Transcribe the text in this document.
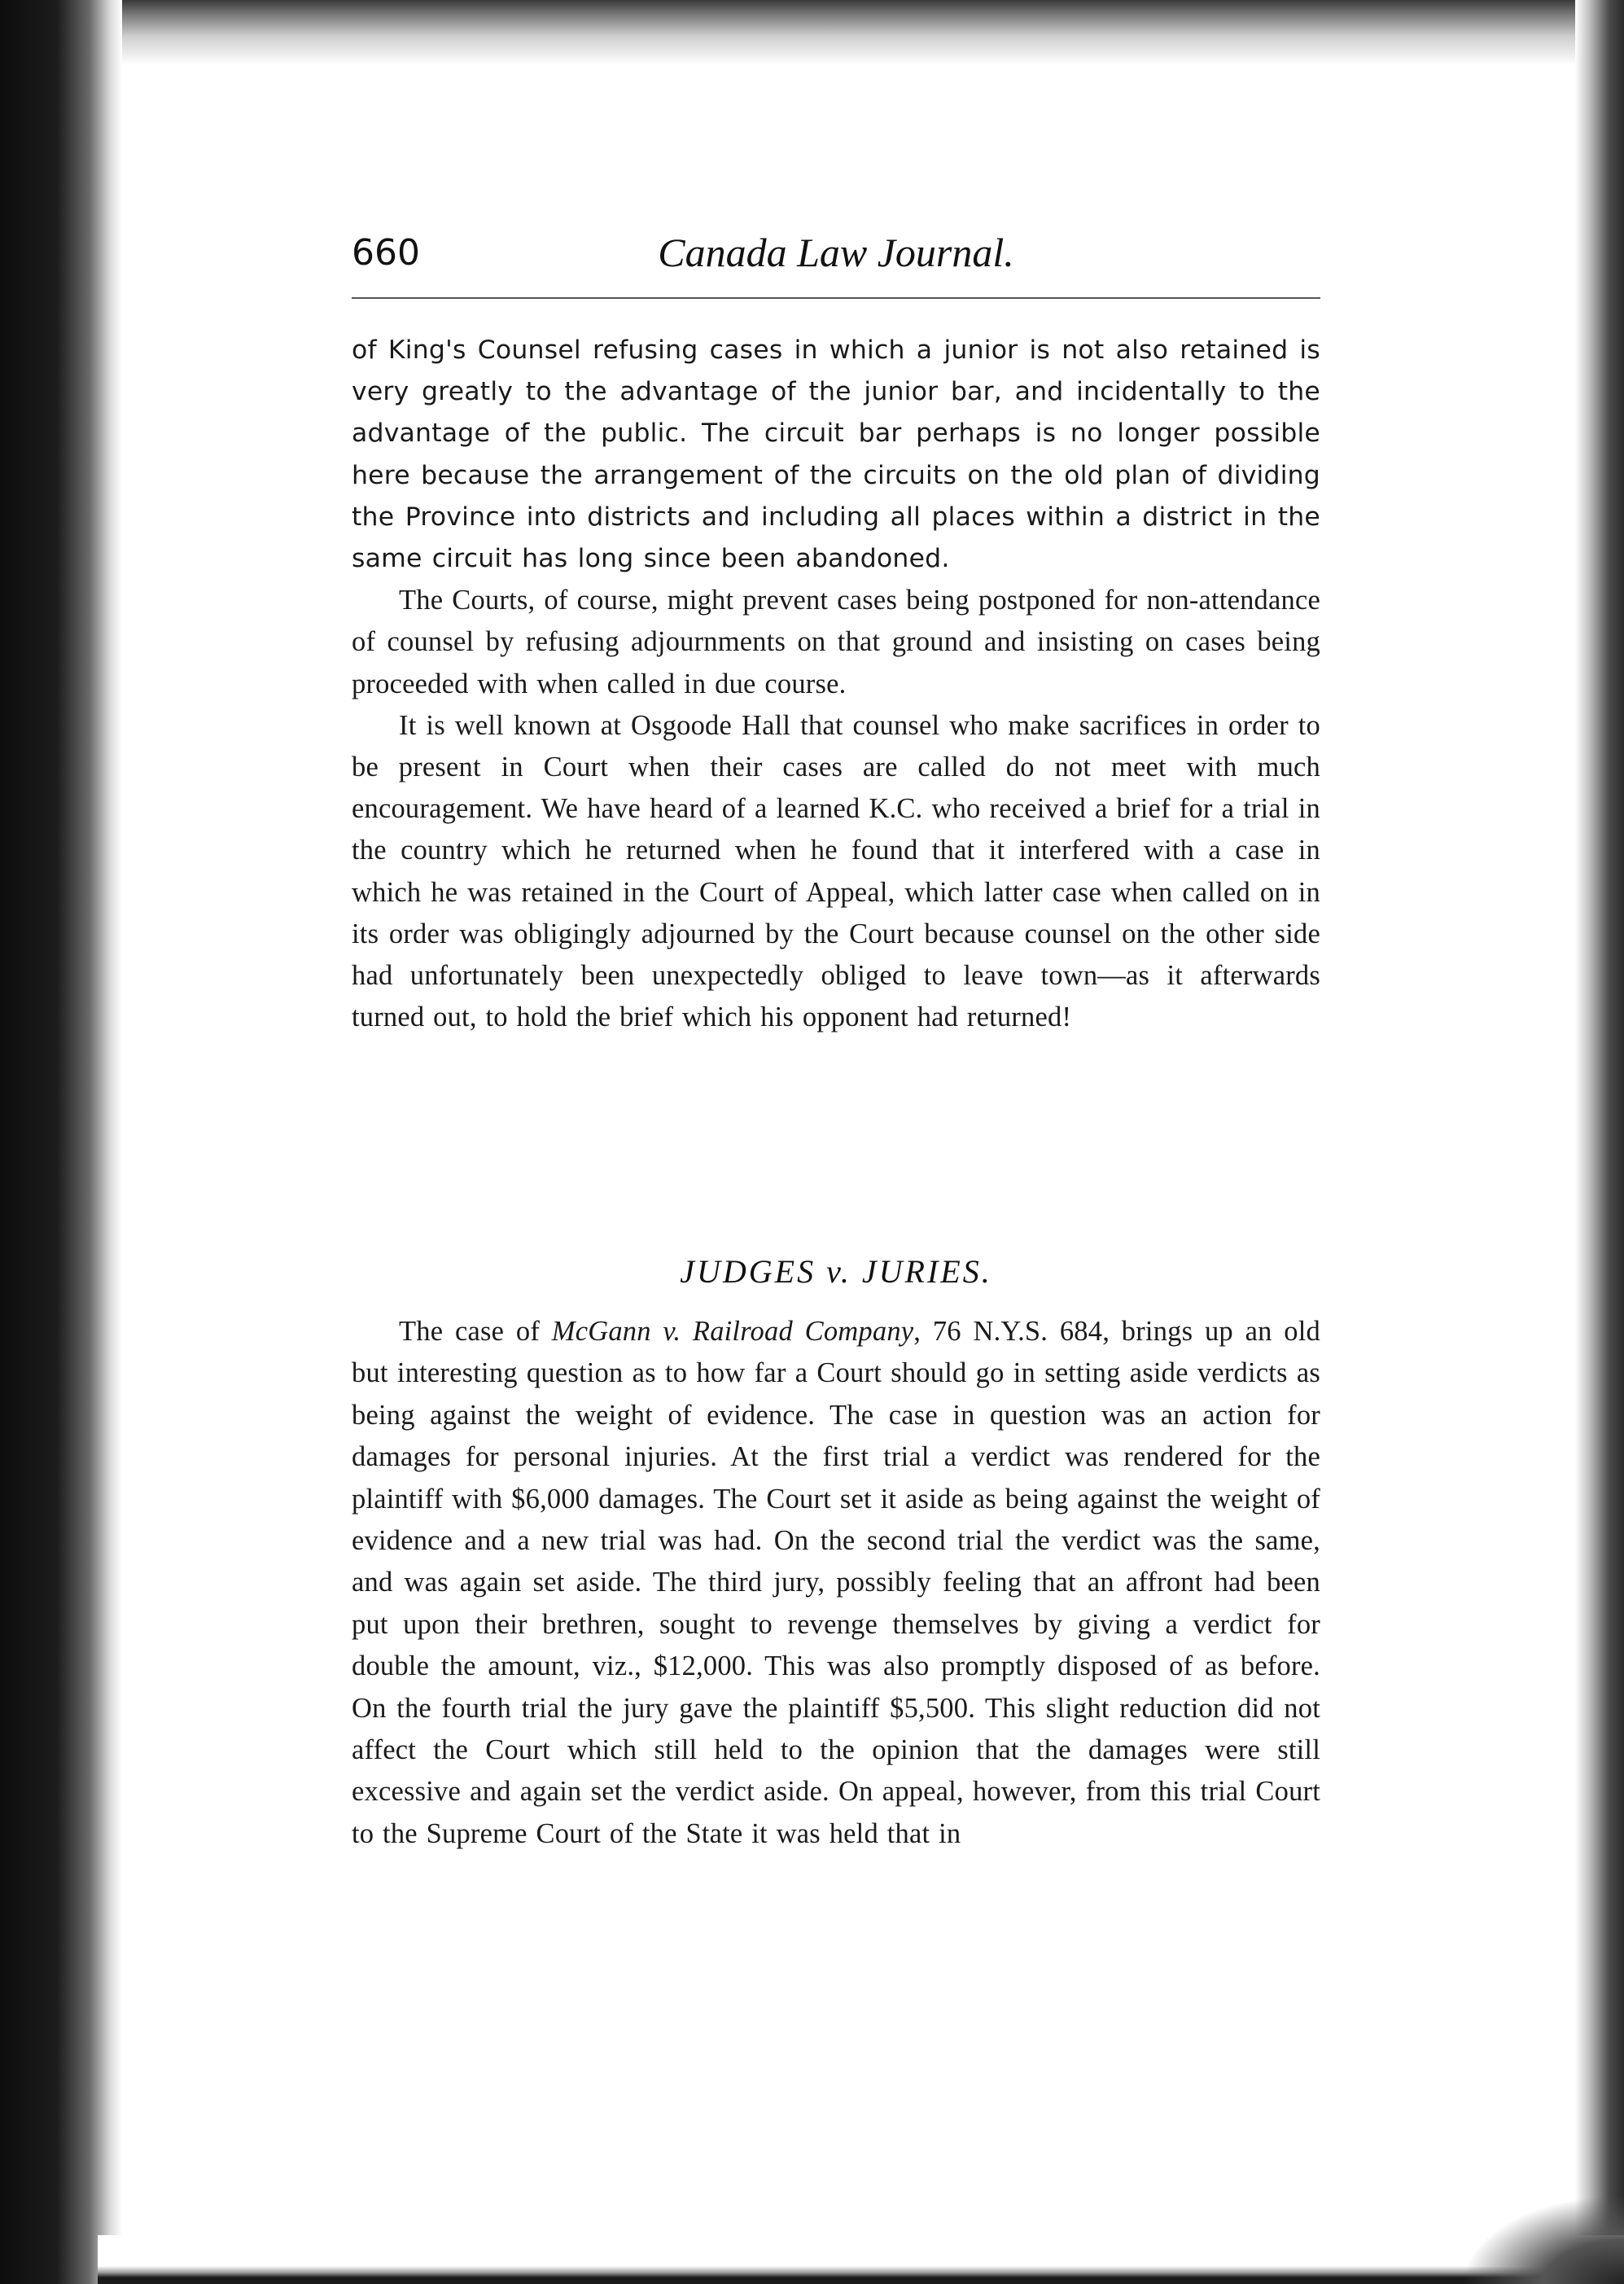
660	Canada Law Journal.

of King's Counsel refusing cases in which a junior is not also retained is very greatly to the advantage of the junior bar, and incidentally to the advantage of the public. The circuit bar perhaps is no longer possible here because the arrangement of the circuits on the old plan of dividing the Province into districts and including all places within a district in the same circuit has long since been abandoned.

The Courts, of course, might prevent cases being postponed for non-attendance of counsel by refusing adjournments on that ground and insisting on cases being proceeded with when called in due course.

It is well known at Osgoode Hall that counsel who make sacrifices in order to be present in Court when their cases are called do not meet with much encouragement. We have heard of a learned K.C. who received a brief for a trial in the country which he returned when he found that it interfered with a case in which he was retained in the Court of Appeal, which latter case when called on in its order was obligingly adjourned by the Court because counsel on the other side had unfortunately been unexpectedly obliged to leave town—as it afterwards turned out, to hold the brief which his opponent had returned!

JUDGES v. JURIES.

The case of McGann v. Railroad Company, 76 N.Y.S. 684, brings up an old but interesting question as to how far a Court should go in setting aside verdicts as being against the weight of evidence. The case in question was an action for damages for personal injuries. At the first trial a verdict was rendered for the plaintiff with $6,000 damages. The Court set it aside as being against the weight of evidence and a new trial was had. On the second trial the verdict was the same, and was again set aside. The third jury, possibly feeling that an affront had been put upon their brethren, sought to revenge themselves by giving a verdict for double the amount, viz., $12,000. This was also promptly disposed of as before. On the fourth trial the jury gave the plaintiff $5,500. This slight reduction did not affect the Court which still held to the opinion that the damages were still excessive and again set the verdict aside. On appeal, however, from this trial Court to the Supreme Court of the State it was held that in
